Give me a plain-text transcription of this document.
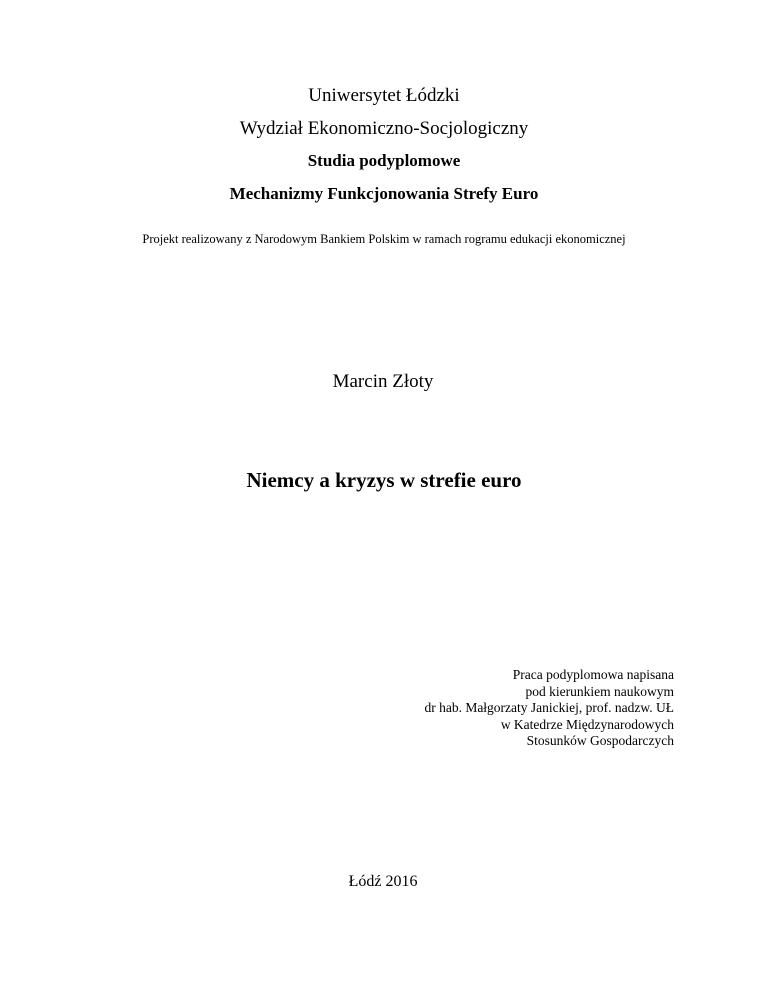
Uniwersytet Łódzki
Wydział Ekonomiczno-Socjologiczny
Studia podyplomowe
Mechanizmy Funkcjonowania Strefy Euro
Projekt realizowany z Narodowym Bankiem Polskim w ramach rogramu edukacji ekonomicznej
Marcin Złoty
Niemcy a kryzys w strefie euro
Praca podyplomowa napisana
pod kierunkiem naukowym
dr hab. Małgorzaty Janickiej, prof. nadzw. UŁ
w Katedrze Międzynarodowych
Stosunków Gospodarczych
Łódź 2016
